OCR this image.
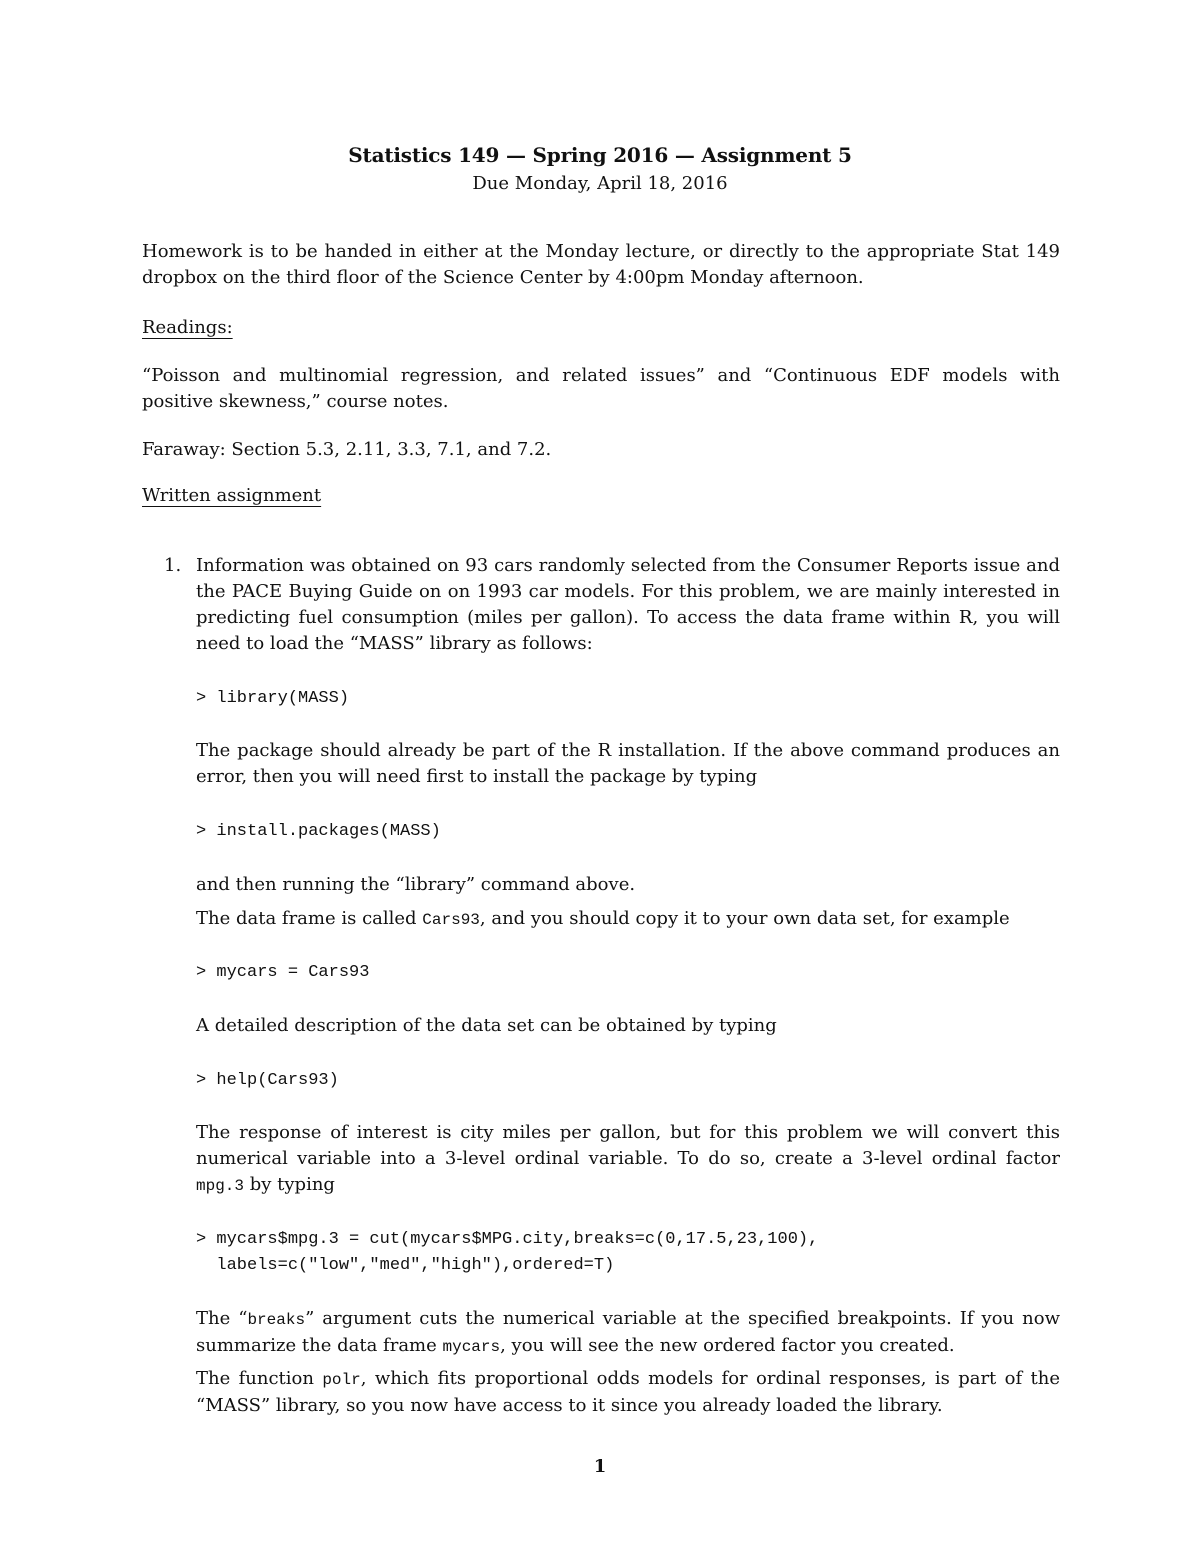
Statistics 149 — Spring 2016 — Assignment 5

Due Monday, April 18, 2016

Homework is to be handed in either at the Monday lecture, or directly to the appropriate Stat 149 dropbox on the third floor of the Science Center by 4:00pm Monday afternoon.

Readings:

“Poisson and multinomial regression, and related issues” and “Continuous EDF models with positive skewness,” course notes.

Faraway: Section 5.3, 2.11, 3.3, 7.1, and 7.2.

Written assignment

1. Information was obtained on 93 cars randomly selected from the Consumer Reports issue and the PACE Buying Guide on on 1993 car models. For this problem, we are mainly interested in predicting fuel consumption (miles per gallon). To access the data frame within R, you will need to load the “MASS” library as follows:

> library(MASS)

The package should already be part of the R installation. If the above command produces an error, then you will need first to install the package by typing

> install.packages(MASS)

and then running the “library” command above.

The data frame is called Cars93, and you should copy it to your own data set, for example

> mycars = Cars93

A detailed description of the data set can be obtained by typing

> help(Cars93)

The response of interest is city miles per gallon, but for this problem we will convert this numerical variable into a 3-level ordinal variable. To do so, create a 3-level ordinal factor mpg.3 by typing

> mycars$mpg.3 = cut(mycars$MPG.city,breaks=c(0,17.5,23,100),

labels=c("low","med","high"),ordered=T)

The “breaks” argument cuts the numerical variable at the specified breakpoints. If you now summarize the data frame mycars, you will see the new ordered factor you created.

The function polr, which fits proportional odds models for ordinal responses, is part of the “MASS” library, so you now have access to it since you already loaded the library.

1
